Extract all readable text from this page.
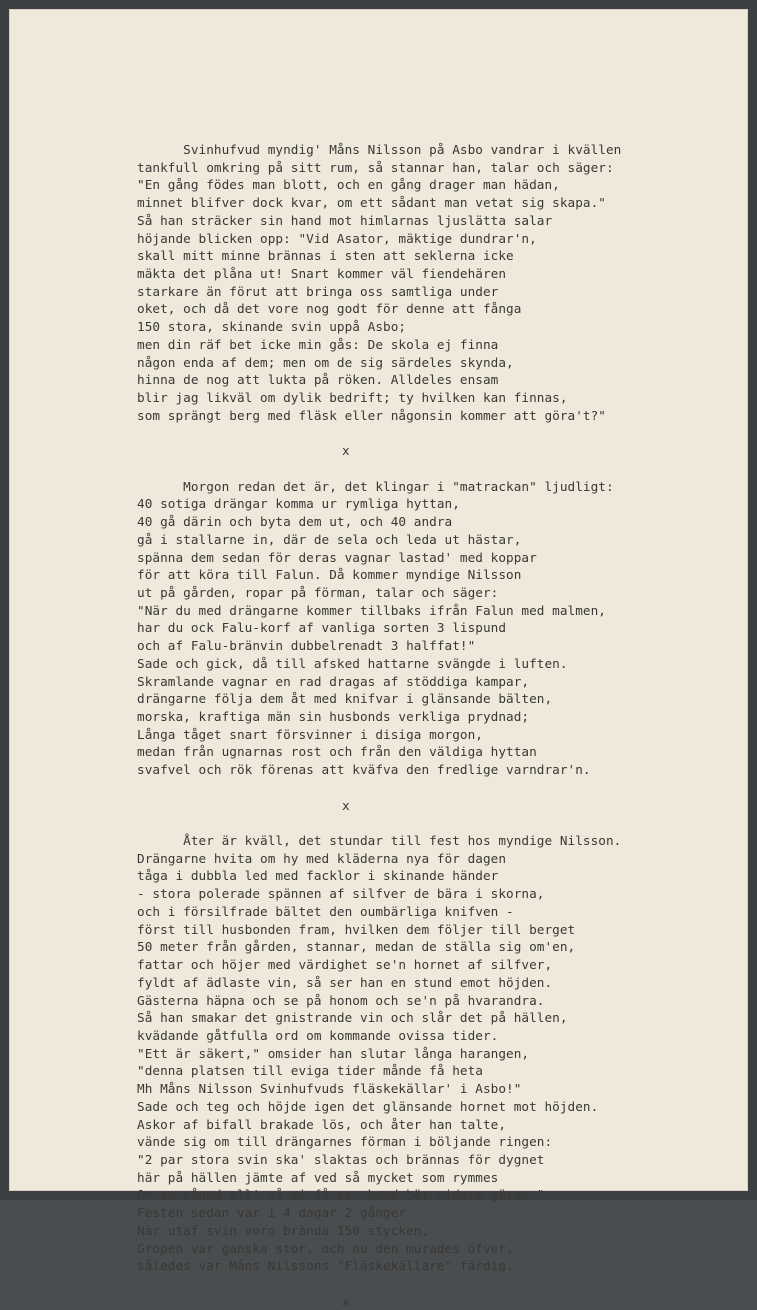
Svinhufvud myndig' Måns Nilsson på Asbo vandrar i kvällen
tankfull omkring på sitt rum, så stannar han, talar och säger:
"En gång födes man blott, och en gång drager man hädan,
minnet blifver dock kvar, om ett sådant man vetat sig skapa."
Så han sträcker sin hand mot himlarnas ljuslätta salar
höjande blicken opp: "Vid Asator, mäktige dundrar'n,
skall mitt minne brännas i sten att seklerna icke
mäkta det plåna ut! Snart kommer väl fiendehären
starkare än förut att bringa oss samtliga under
oket, och då det vore nog godt för denne att fånga
150 stora, skinande svin uppå Asbo;
men din räf bet icke min gås: De skola ej finna
någon enda af dem; men om de sig särdeles skynda,
hinna de nog att lukta på röken. Alldeles ensam
blir jag likväl om dylik bedrift; ty hvilken kan finnas,
som sprängt berg med fläsk eller någonsin kommer att göra't?"
x
Morgon redan det är, det klingar i "matrackan" ljudligt:
40 sotiga drängar komma ur rymliga hyttan,
40 gå därin och byta dem ut, och 40 andra
gå i stallarne in, där de sela och leda ut hästar,
spänna dem sedan för deras vagnar lastad' med koppar
för att köra till Falun. Då kommer myndige Nilsson
ut på gården, ropar på förman, talar och säger:
"När du med drängarne kommer tillbaks ifrån Falun med malmen,
har du ock Falu-korf af vanliga sorten 3 lispund
och af Falu-bränvin dubbelrenadt 3 halffat!"
Sade och gick, då till afsked hattarne svängde i luften.
Skramlande vagnar en rad dragas af stöddiga kampar,
drängarne följa dem åt med knifvar i glänsande bälten,
morska, kraftiga män sin husbonds verkliga prydnad;
Långa tåget snart försvinner i disiga morgon,
medan från ugnarnas rost och från den väldiga hyttan
svafvel och rök förenas att kväfva den fredlige varndrar'n.
x
Åter är kväll, det stundar till fest hos myndige Nilsson.
Drängarne hvita om hy med kläderna nya för dagen
tåga i dubbla led med facklor i skinande händer
- stora polerade spännen af silfver de bära i skorna,
och i försilfrade bältet den oumbärliga knifven -
först till husbonden fram, hvilken dem följer till berget
50 meter från gården, stannar, medan de ställa sig om'en,
fattar och höjer med värdighet se'n hornet af silfver,
fyldt af ädlaste vin, så ser han en stund emot höjden.
Gästerna häpna och se på honom och se'n på hvarandra.
Så han smakar det gnistrande vin och slår det på hällen,
kvädande gåtfulla ord om kommande ovissa tider.
"Ett är säkert," omsider han slutar långa harangen,
"denna platsen till eviga tider månde få heta
Mh Måns Nilsson Svinhufvuds fläskekällar' i Asbo!"
Sade och teg och höjde igen det glänsande hornet mot höjden.
Askor af bifall brakade lös, och åter han talte,
vände sig om till drängarnes förman i böljande ringen:
"2 par stora svin ska' slaktas och brännas för dygnet
här på hällen jämte af ved så mycket som rymmes
Om en månad ell' så vi få se, hvad bör vidare göras."
Festen sedan var i 4 dagar 2 gånger.
När utaf svin voro brända 150 stycken,
Gropen var ganska stor, och nu den murades öfver,
således var Måns Nilssons "Fläskekällare" färdig.
x
